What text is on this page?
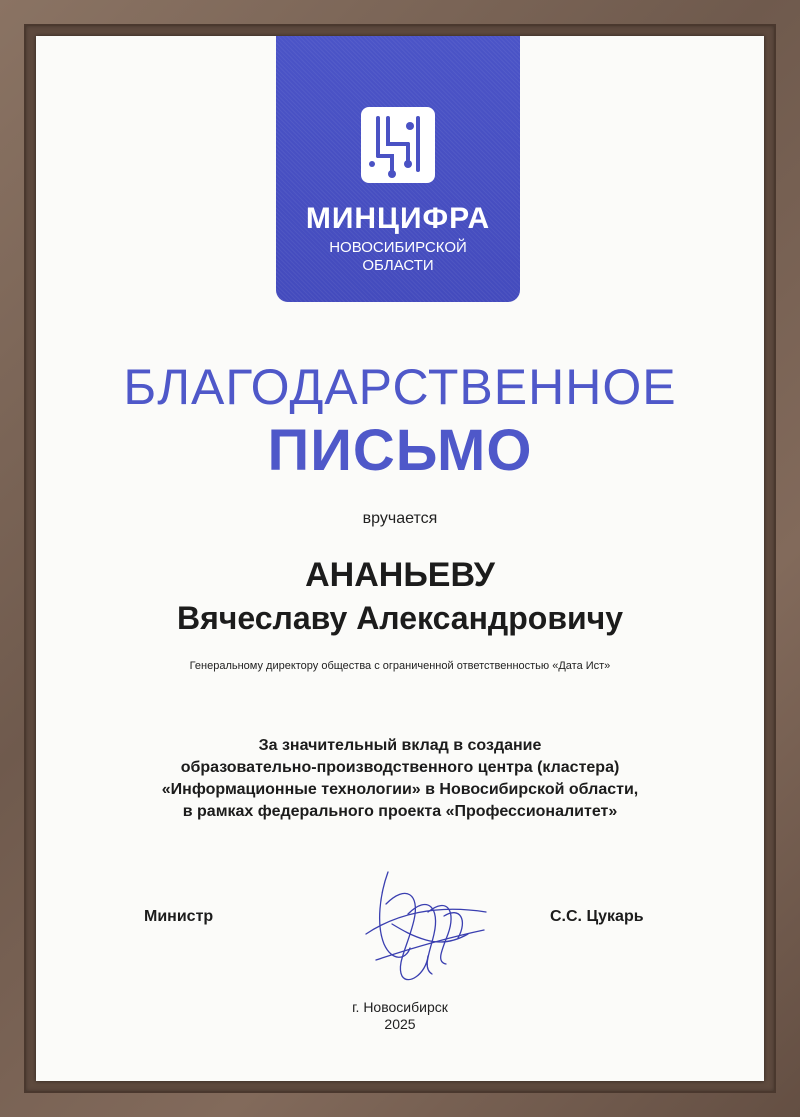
МИНЦИФРА
НОВОСИБИРСКОЙ
ОБЛАСТИ
БЛАГОДАРСТВЕННОЕ
ПИСЬМО
вручается
АНАНЬЕВУ
Вячеславу Александровичу
Генеральному директору общества с ограниченной ответственностью «Дата Ист»
За значительный вклад в создание
образовательно-производственного центра (кластера)
«Информационные технологии» в Новосибирской области,
в рамках федерального проекта «Профессионалитет»
Министр	С.С. Цукарь
г. Новосибирск
2025
